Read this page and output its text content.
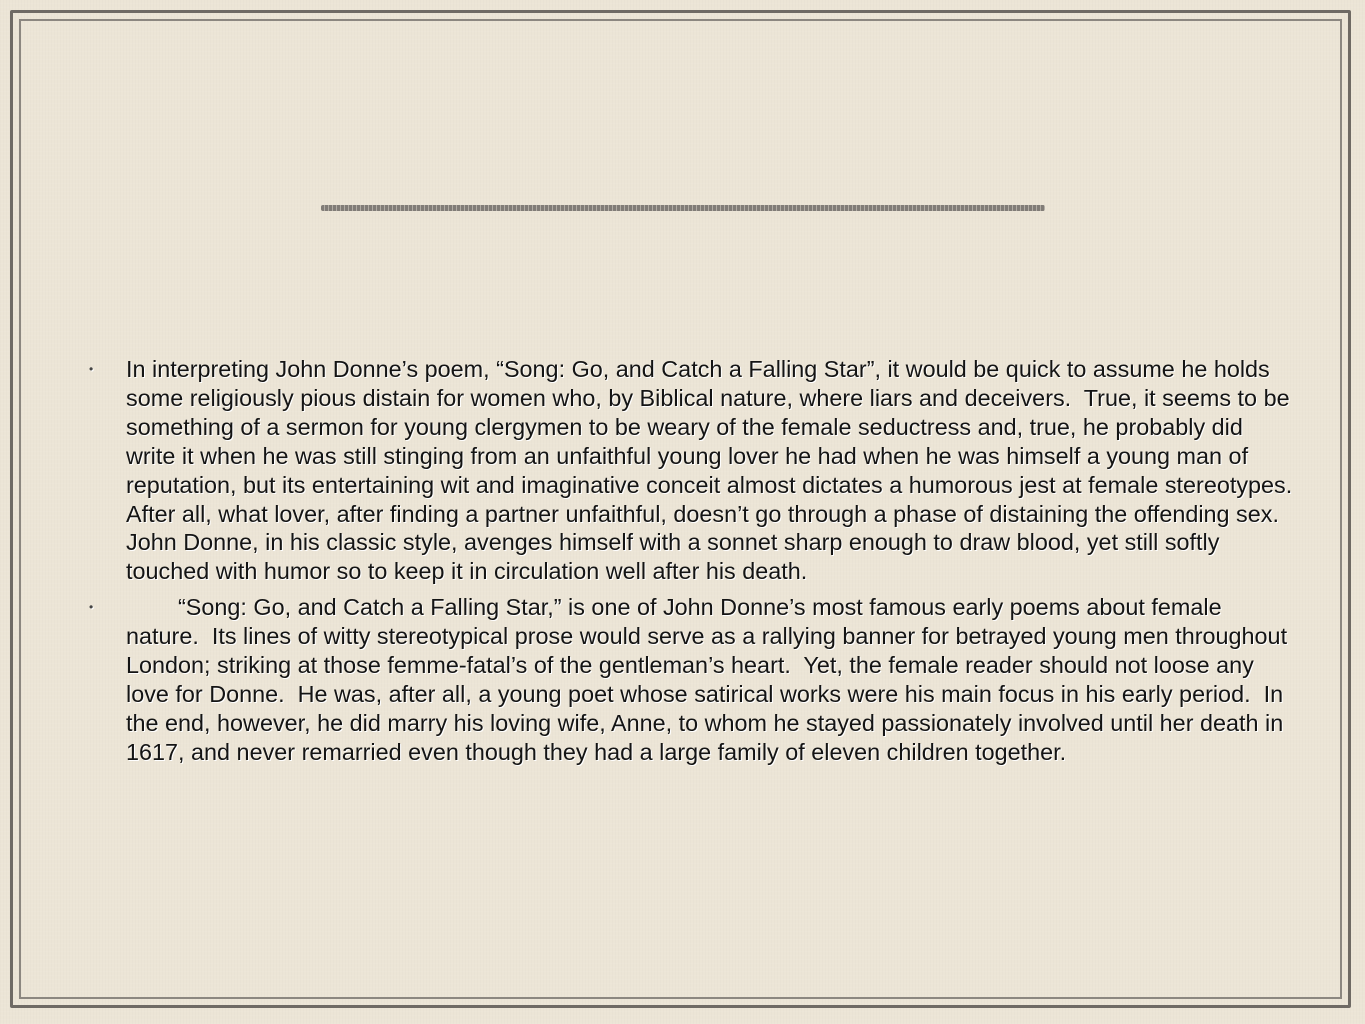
• In interpreting John Donne’s poem, “Song: Go, and Catch a Falling Star”, it would be quick to assume he holds some religiously pious distain for women who, by Biblical nature, where liars and deceivers.  True, it seems to be something of a sermon for young clergymen to be weary of the female seductress and, true, he probably did write it when he was still stinging from an unfaithful young lover he had when he was himself a young man of reputation, but its entertaining wit and imaginative conceit almost dictates a humorous jest at female stereotypes.  After all, what lover, after finding a partner unfaithful, doesn’t go through a phase of distaining the offending sex.  John Donne, in his classic style, avenges himself with a sonnet sharp enough to draw blood, yet still softly touched with humor so to keep it in circulation well after his death.
• “Song: Go, and Catch a Falling Star,” is one of John Donne’s most famous early poems about female nature.  Its lines of witty stereotypical prose would serve as a rallying banner for betrayed young men throughout London; striking at those femme-fatal’s of the gentleman’s heart.  Yet, the female reader should not loose any love for Donne.  He was, after all, a young poet whose satirical works were his main focus in his early period.  In the end, however, he did marry his loving wife, Anne, to whom he stayed passionately involved until her death in 1617, and never remarried even though they had a large family of eleven children together.
